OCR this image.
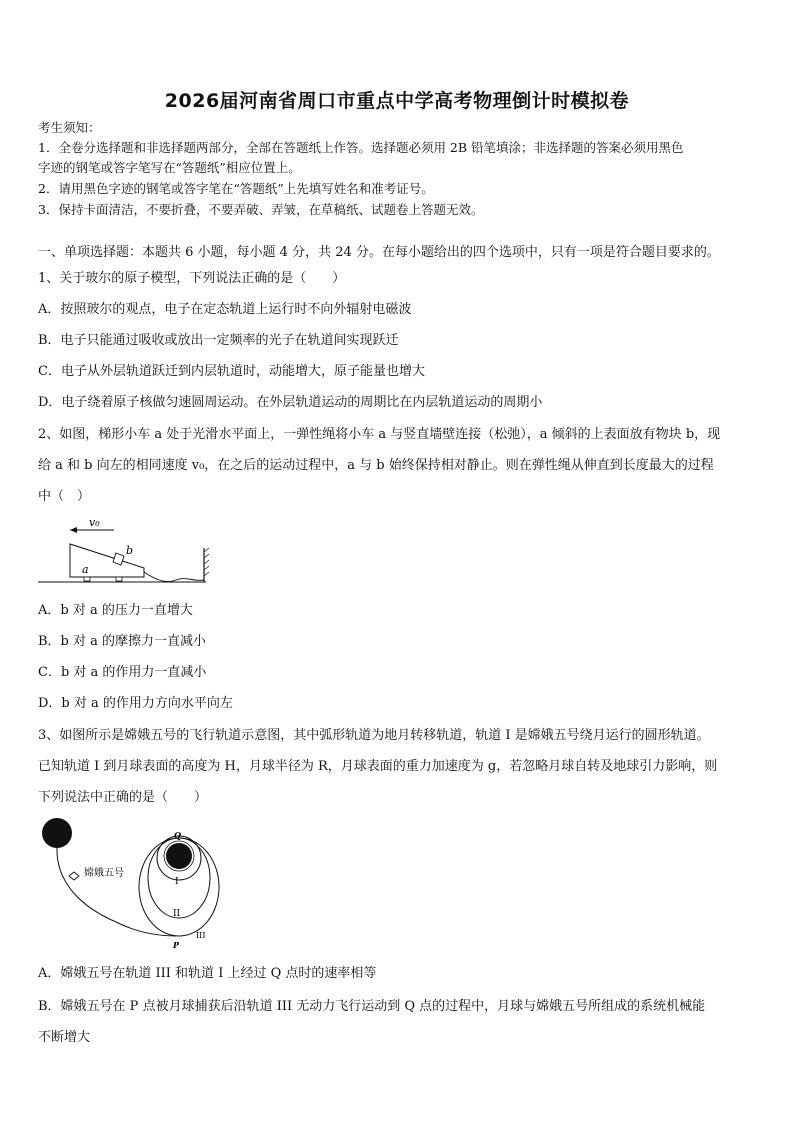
2026届河南省周口市重点中学高考物理倒计时模拟卷
考生须知：
1．全卷分选择题和非选择题两部分，全部在答题纸上作答。选择题必须用 2B 铅笔填涂；非选择题的答案必须用黑色
字迹的钢笔或答字笔写在“答题纸”相应位置上。
2．请用黑色字迹的钢笔或答字笔在“答题纸”上先填写姓名和准考证号。
3．保持卡面清洁，不要折叠，不要弄破、弄皱，在草稿纸、试题卷上答题无效。
一、单项选择题：本题共 6 小题，每小题 4 分，共 24 分。在每小题给出的四个选项中，只有一项是符合题目要求的。
1、关于玻尔的原子模型，下列说法正确的是（　　）
A．按照玻尔的观点，电子在定态轨道上运行时不向外辐射电磁波
B．电子只能通过吸收或放出一定频率的光子在轨道间实现跃迁
C．电子从外层轨道跃迁到内层轨道时，动能增大，原子能量也增大
D．电子绕着原子核做匀速圆周运动。在外层轨道运动的周期比在内层轨道运动的周期小
2、如图，梯形小车 a 处于光滑水平面上，一弹性绳将小车 a 与竖直墙壁连接（松弛），a 倾斜的上表面放有物块 b，现
给 a 和 b 向左的相同速度 v₀，在之后的运动过程中，a 与 b 始终保持相对静止。则在弹性绳从伸直到长度最大的过程
中（　）
v₀
b
a
A．b 对 a 的压力一直增大
B．b 对 a 的摩擦力一直减小
C．b 对 a 的作用力一直减小
D．b 对 a 的作用力方向水平向左
3、如图所示是嫦娥五号的飞行轨道示意图，其中弧形轨道为地月转移轨道，轨道 I 是嫦娥五号绕月运行的圆形轨道。
已知轨道 I 到月球表面的高度为 H，月球半径为 R，月球表面的重力加速度为 g，若忽略月球自转及地球引力影响，则
下列说法中正确的是（　　）
嫦娥五号
Q
I
II
III
P
A．嫦娥五号在轨道 III 和轨道 I 上经过 Q 点时的速率相等
B．嫦娥五号在 P 点被月球捕获后沿轨道 III 无动力飞行运动到 Q 点的过程中，月球与嫦娥五号所组成的系统机械能
不断增大
